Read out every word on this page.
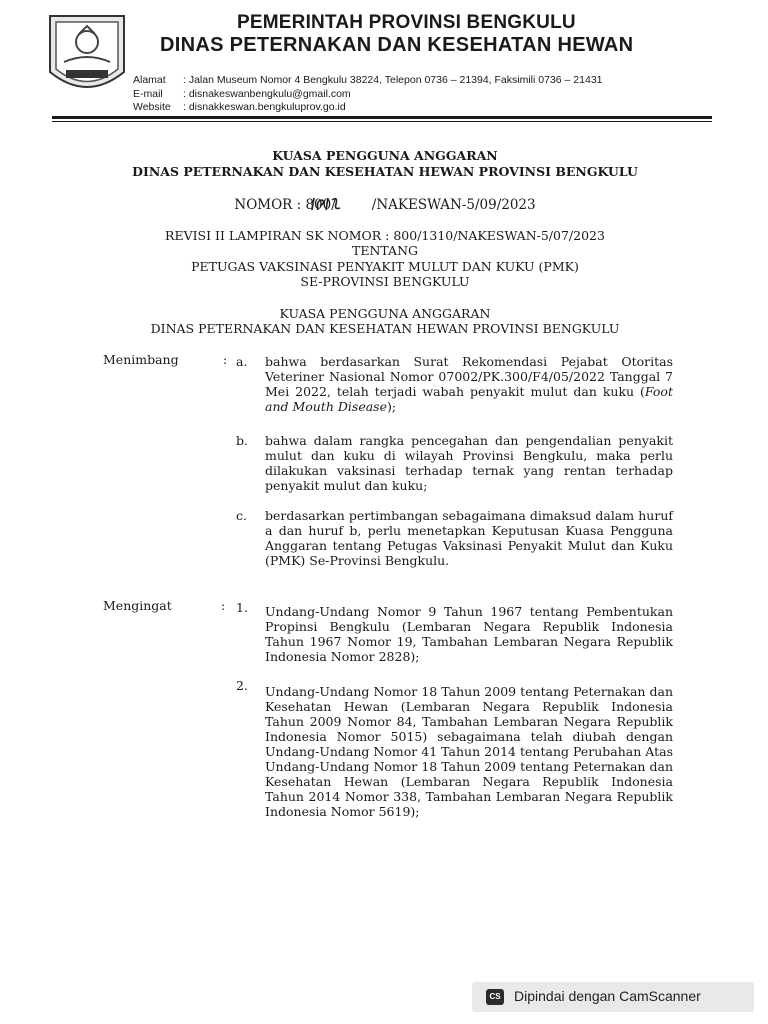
PEMERINTAH PROVINSI BENGKULU
DINAS PETERNAKAN DAN KESEHATAN HEWAN
Alamat : Jalan Museum Nomor 4 Bengkulu 38224, Telepon 0736 – 21394, Faksimili 0736 – 21431
E-mail : disnakeswanbengkulu@gmail.com
Website : disnakkeswan.bengkuluprov.go.id
KUASA PENGGUNA ANGGARAN
DINAS PETERNAKAN DAN KESEHATAN HEWAN PROVINSI BENGKULU
NOMOR : 800/	/NAKESWAN-5/09/2023
REVISI II LAMPIRAN SK NOMOR : 800/1310/NAKESWAN-5/07/2023
TENTANG
PETUGAS VAKSINASI PENYAKIT MULUT DAN KUKU (PMK)
SE-PROVINSI BENGKULU
KUASA PENGGUNA ANGGARAN
DINAS PETERNAKAN DAN KESEHATAN HEWAN PROVINSI BENGKULU
Menimbang	: a. bahwa berdasarkan Surat Rekomendasi Pejabat Otoritas Veteriner Nasional Nomor 07002/PK.300/F4/05/2022 Tanggal 7 Mei 2022, telah terjadi wabah penyakit mulut dan kuku (Foot and Mouth Disease);
b. bahwa dalam rangka pencegahan dan pengendalian penyakit mulut dan kuku di wilayah Provinsi Bengkulu, maka perlu dilakukan vaksinasi terhadap ternak yang rentan terhadap penyakit mulut dan kuku;
c. berdasarkan pertimbangan sebagaimana dimaksud dalam huruf a dan huruf b, perlu menetapkan Keputusan Kuasa Pengguna Anggaran tentang Petugas Vaksinasi Penyakit Mulut dan Kuku (PMK) Se-Provinsi Bengkulu.
Mengingat	: 1. Undang-Undang Nomor 9 Tahun 1967 tentang Pembentukan Propinsi Bengkulu (Lembaran Negara Republik Indonesia Tahun 1967 Nomor 19, Tambahan Lembaran Negara Republik Indonesia Nomor 2828);
2. Undang-Undang Nomor 18 Tahun 2009 tentang Peternakan dan Kesehatan Hewan (Lembaran Negara Republik Indonesia Tahun 2009 Nomor 84, Tambahan Lembaran Negara Republik Indonesia Nomor 5015) sebagaimana telah diubah dengan Undang-Undang Nomor 41 Tahun 2014 tentang Perubahan Atas Undang-Undang Nomor 18 Tahun 2009 tentang Peternakan dan Kesehatan Hewan (Lembaran Negara Republik Indonesia Tahun 2014 Nomor 338, Tambahan Lembaran Negara Republik Indonesia Nomor 5619);
CS Dipindai dengan CamScanner
